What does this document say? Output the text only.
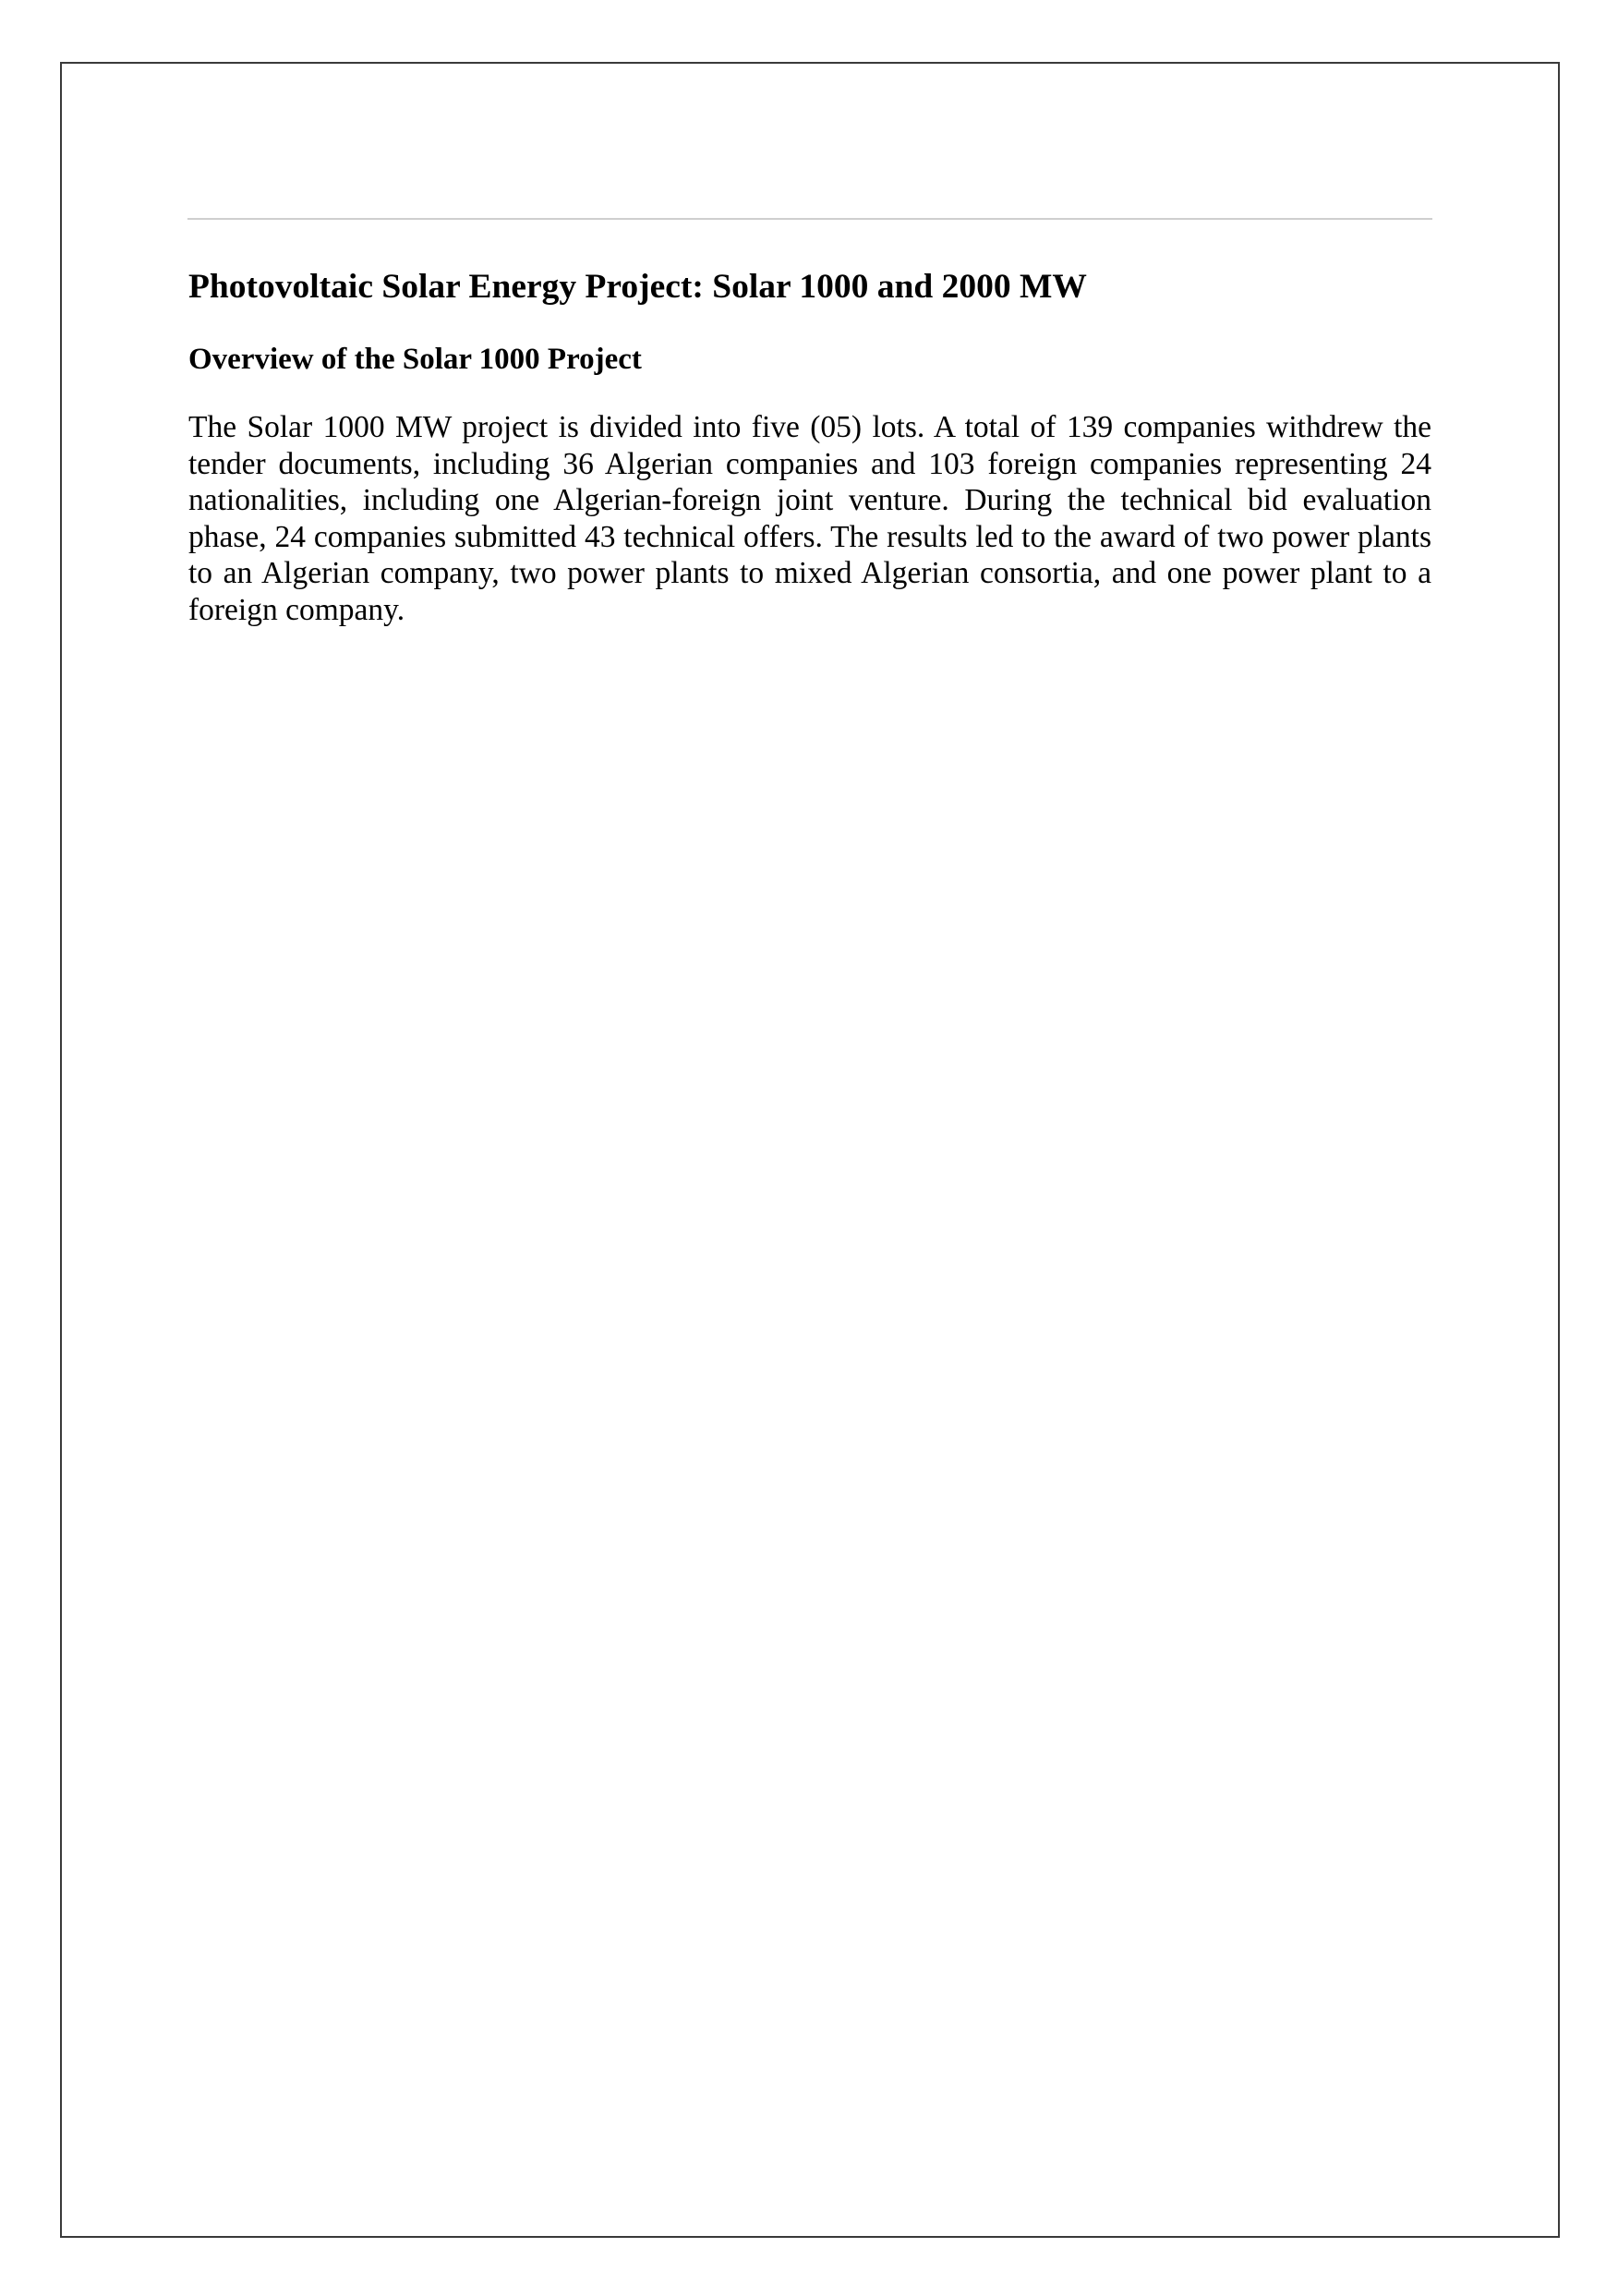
Photovoltaic Solar Energy Project: Solar 1000 and 2000 MW
Overview of the Solar 1000 Project

The Solar 1000 MW project is divided into five (05) lots. A total of 139 companies withdrew the tender documents, including 36 Algerian companies and 103 foreign companies representing 24 nationalities, including one Algerian-foreign joint venture. During the technical bid evaluation phase, 24 companies submitted 43 technical offers. The results led to the award of two power plants to an Algerian company, two power plants to mixed Algerian consortia, and one power plant to a foreign company.
